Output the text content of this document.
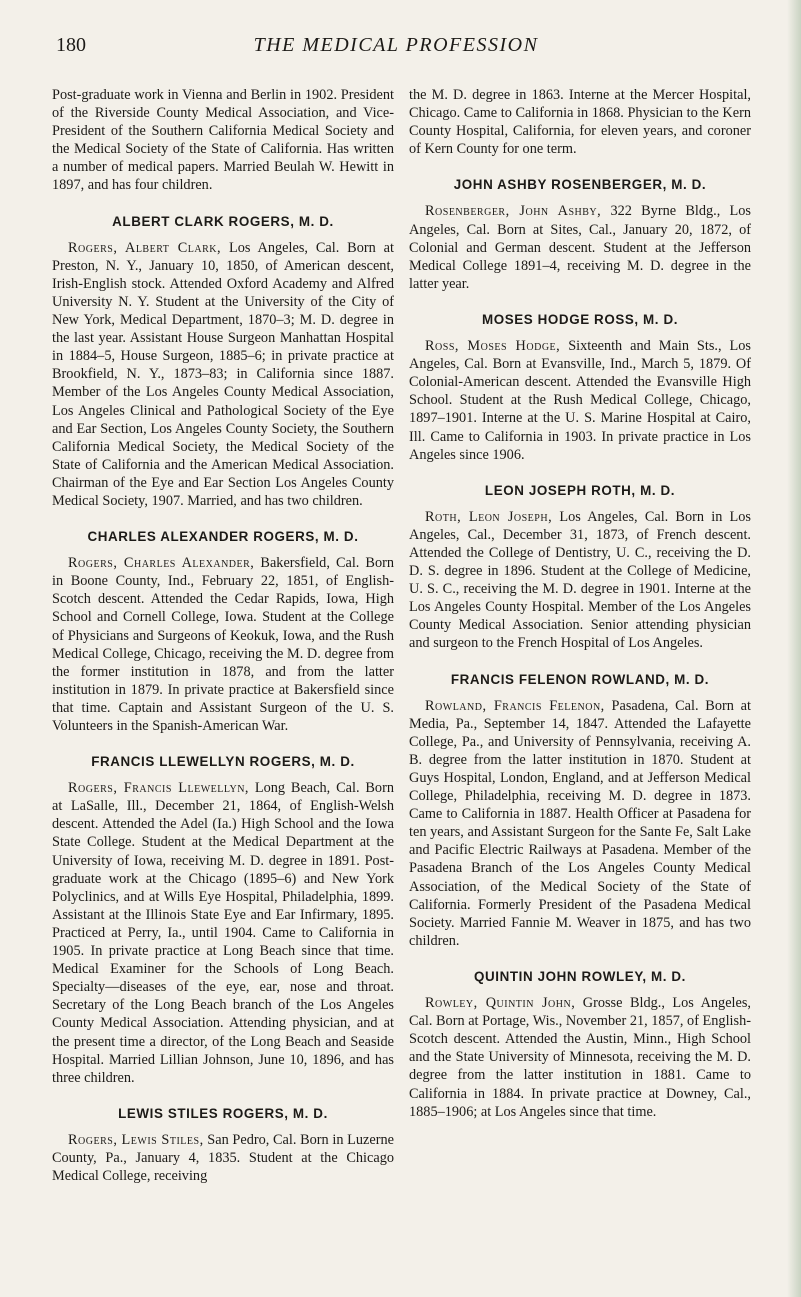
180	THE MEDICAL PROFESSION

Post-graduate work in Vienna and Berlin in 1902. President of the Riverside County Medical Association, and Vice-President of the Southern California Medical Society and the Medical Society of the State of California. Has written a number of medical papers. Married Beulah W. Hewitt in 1897, and has four children.

ALBERT CLARK ROGERS, M. D.

Rogers, Albert Clark, Los Angeles, Cal. Born at Preston, N. Y., January 10, 1850, of American descent, Irish-English stock. Attended Oxford Academy and Alfred University N. Y. Student at the University of the City of New York, Medical Department, 1870–3; M. D. degree in the last year. Assistant House Surgeon Manhattan Hospital in 1884–5, House Surgeon, 1885–6; in private practice at Brookfield, N. Y., 1873–83; in California since 1887. Member of the Los Angeles County Medical Association, Los Angeles Clinical and Pathological Society of the Eye and Ear Section, Los Angeles County Society, the Southern California Medical Society, the Medical Society of the State of California and the American Medical Association. Chairman of the Eye and Ear Section Los Angeles County Medical Society, 1907. Married, and has two children.

CHARLES ALEXANDER ROGERS, M. D.

Rogers, Charles Alexander, Bakersfield, Cal. Born in Boone County, Ind., February 22, 1851, of English-Scotch descent. Attended the Cedar Rapids, Iowa, High School and Cornell College, Iowa. Student at the College of Physicians and Surgeons of Keokuk, Iowa, and the Rush Medical College, Chicago, receiving the M. D. degree from the former institution in 1878, and from the latter institution in 1879. In private practice at Bakersfield since that time. Captain and Assistant Surgeon of the U. S. Volunteers in the Spanish-American War.

FRANCIS LLEWELLYN ROGERS, M. D.

Rogers, Francis Llewellyn, Long Beach, Cal. Born at LaSalle, Ill., December 21, 1864, of English-Welsh descent. Attended the Adel (Ia.) High School and the Iowa State College. Student at the Medical Department at the University of Iowa, receiving M. D. degree in 1891. Post-graduate work at the Chicago (1895–6) and New York Polyclinics, and at Wills Eye Hospital, Philadelphia, 1899. Assistant at the Illinois State Eye and Ear Infirmary, 1895. Practiced at Perry, Ia., until 1904. Came to California in 1905. In private practice at Long Beach since that time. Medical Examiner for the Schools of Long Beach. Specialty—diseases of the eye, ear, nose and throat. Secretary of the Long Beach branch of the Los Angeles County Medical Association. Attending physician, and at the present time a director, of the Long Beach and Seaside Hospital. Married Lillian Johnson, June 10, 1896, and has three children.

LEWIS STILES ROGERS, M. D.

Rogers, Lewis Stiles, San Pedro, Cal. Born in Luzerne County, Pa., January 4, 1835. Student at the Chicago Medical College, receiving

the M. D. degree in 1863. Interne at the Mercer Hospital, Chicago. Came to California in 1868. Physician to the Kern County Hospital, California, for eleven years, and coroner of Kern County for one term.

JOHN ASHBY ROSENBERGER, M. D.

Rosenberger, John Ashby, 322 Byrne Bldg., Los Angeles, Cal. Born at Sites, Cal., January 20, 1872, of Colonial and German descent. Student at the Jefferson Medical College 1891–4, receiving M. D. degree in the latter year.

MOSES HODGE ROSS, M. D.

Ross, Moses Hodge, Sixteenth and Main Sts., Los Angeles, Cal. Born at Evansville, Ind., March 5, 1879. Of Colonial-American descent. Attended the Evansville High School. Student at the Rush Medical College, Chicago, 1897–1901. Interne at the U. S. Marine Hospital at Cairo, Ill. Came to California in 1903. In private practice in Los Angeles since 1906.

LEON JOSEPH ROTH, M. D.

Roth, Leon Joseph, Los Angeles, Cal. Born in Los Angeles, Cal., December 31, 1873, of French descent. Attended the College of Dentistry, U. C., receiving the D. D. S. degree in 1896. Student at the College of Medicine, U. S. C., receiving the M. D. degree in 1901. Interne at the Los Angeles County Hospital. Member of the Los Angeles County Medical Association. Senior attending physician and surgeon to the French Hospital of Los Angeles.

FRANCIS FELENON ROWLAND, M. D.

Rowland, Francis Felenon, Pasadena, Cal. Born at Media, Pa., September 14, 1847. Attended the Lafayette College, Pa., and University of Pennsylvania, receiving A. B. degree from the latter institution in 1870. Student at Guys Hospital, London, England, and at Jefferson Medical College, Philadelphia, receiving M. D. degree in 1873. Came to California in 1887. Health Officer at Pasadena for ten years, and Assistant Surgeon for the Sante Fe, Salt Lake and Pacific Electric Railways at Pasadena. Member of the Pasadena Branch of the Los Angeles County Medical Association, of the Medical Society of the State of California. Formerly President of the Pasadena Medical Society. Married Fannie M. Weaver in 1875, and has two children.

QUINTIN JOHN ROWLEY, M. D.

Rowley, Quintin John, Grosse Bldg., Los Angeles, Cal. Born at Portage, Wis., November 21, 1857, of English-Scotch descent. Attended the Austin, Minn., High School and the State University of Minnesota, receiving the M. D. degree from the latter institution in 1881. Came to California in 1884. In private practice at Downey, Cal., 1885–1906; at Los Angeles since that time.
